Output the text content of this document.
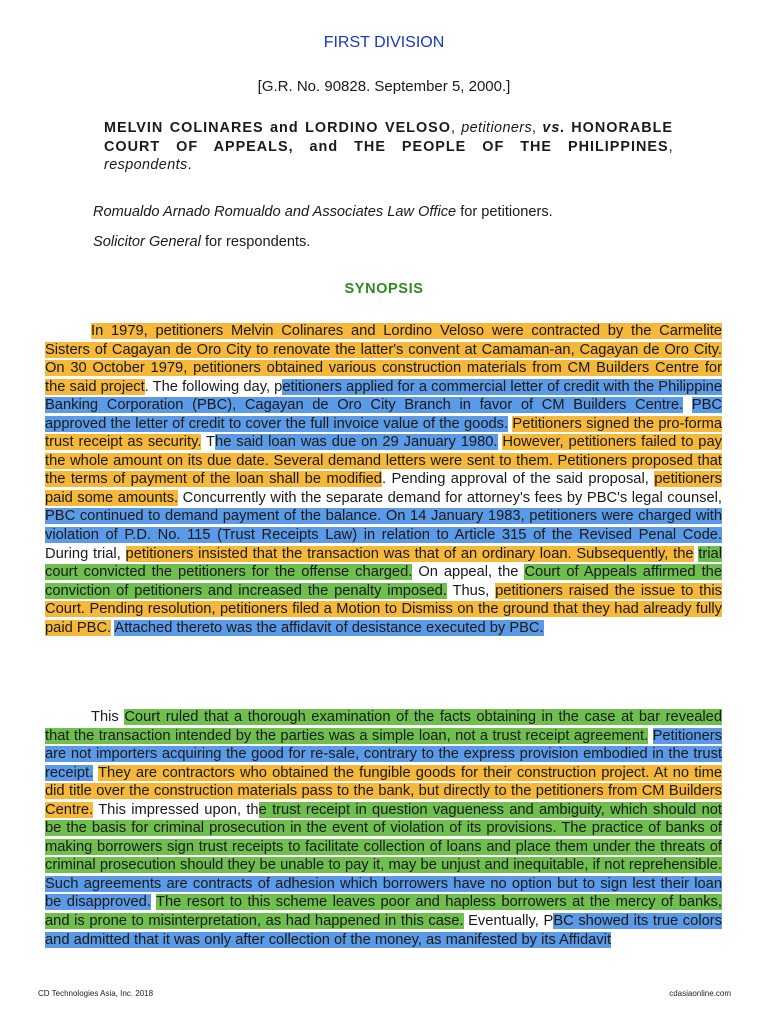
FIRST DIVISION
[G.R. No. 90828. September 5, 2000.]
MELVIN COLINARES and LORDINO VELOSO, petitioners, vs. HONORABLE COURT OF APPEALS, and THE PEOPLE OF THE PHILIPPINES, respondents.
Romualdo Arnado Romualdo and Associates Law Office for petitioners.
Solicitor General for respondents.
SYNOPSIS
In 1979, petitioners Melvin Colinares and Lordino Veloso were contracted by the Carmelite Sisters of Cagayan de Oro City to renovate the latter's convent at Camaman-an, Cagayan de Oro City. On 30 October 1979, petitioners obtained various construction materials from CM Builders Centre for the said project. The following day, petitioners applied for a commercial letter of credit with the Philippine Banking Corporation (PBC), Cagayan de Oro City Branch in favor of CM Builders Centre. PBC approved the letter of credit to cover the full invoice value of the goods. Petitioners signed the pro-forma trust receipt as security. The said loan was due on 29 January 1980. However, petitioners failed to pay the whole amount on its due date. Several demand letters were sent to them. Petitioners proposed that the terms of payment of the loan shall be modified. Pending approval of the said proposal, petitioners paid some amounts. Concurrently with the separate demand for attorney's fees by PBC's legal counsel, PBC continued to demand payment of the balance. On 14 January 1983, petitioners were charged with violation of P.D. No. 115 (Trust Receipts Law) in relation to Article 315 of the Revised Penal Code. During trial, petitioners insisted that the transaction was that of an ordinary loan. Subsequently, the trial court convicted the petitioners for the offense charged. On appeal, the Court of Appeals affirmed the conviction of petitioners and increased the penalty imposed. Thus, petitioners raised the issue to this Court. Pending resolution, petitioners filed a Motion to Dismiss on the ground that they had already fully paid PBC. Attached thereto was the affidavit of desistance executed by PBC.
This Court ruled that a thorough examination of the facts obtaining in the case at bar revealed that the transaction intended by the parties was a simple loan, not a trust receipt agreement. Petitioners are not importers acquiring the good for re-sale, contrary to the express provision embodied in the trust receipt. They are contractors who obtained the fungible goods for their construction project. At no time did title over the construction materials pass to the bank, but directly to the petitioners from CM Builders Centre. This impressed upon, the trust receipt in question vagueness and ambiguity, which should not be the basis for criminal prosecution in the event of violation of its provisions. The practice of banks of making borrowers sign trust receipts to facilitate collection of loans and place them under the threats of criminal prosecution should they be unable to pay it, may be unjust and inequitable, if not reprehensible. Such agreements are contracts of adhesion which borrowers have no option but to sign lest their loan be disapproved. The resort to this scheme leaves poor and hapless borrowers at the mercy of banks, and is prone to misinterpretation, as had happened in this case. Eventually, PBC showed its true colors and admitted that it was only after collection of the money, as manifested by its Affidavit
CD Technologies Asia, Inc. 2018	cdasiaonline.com
